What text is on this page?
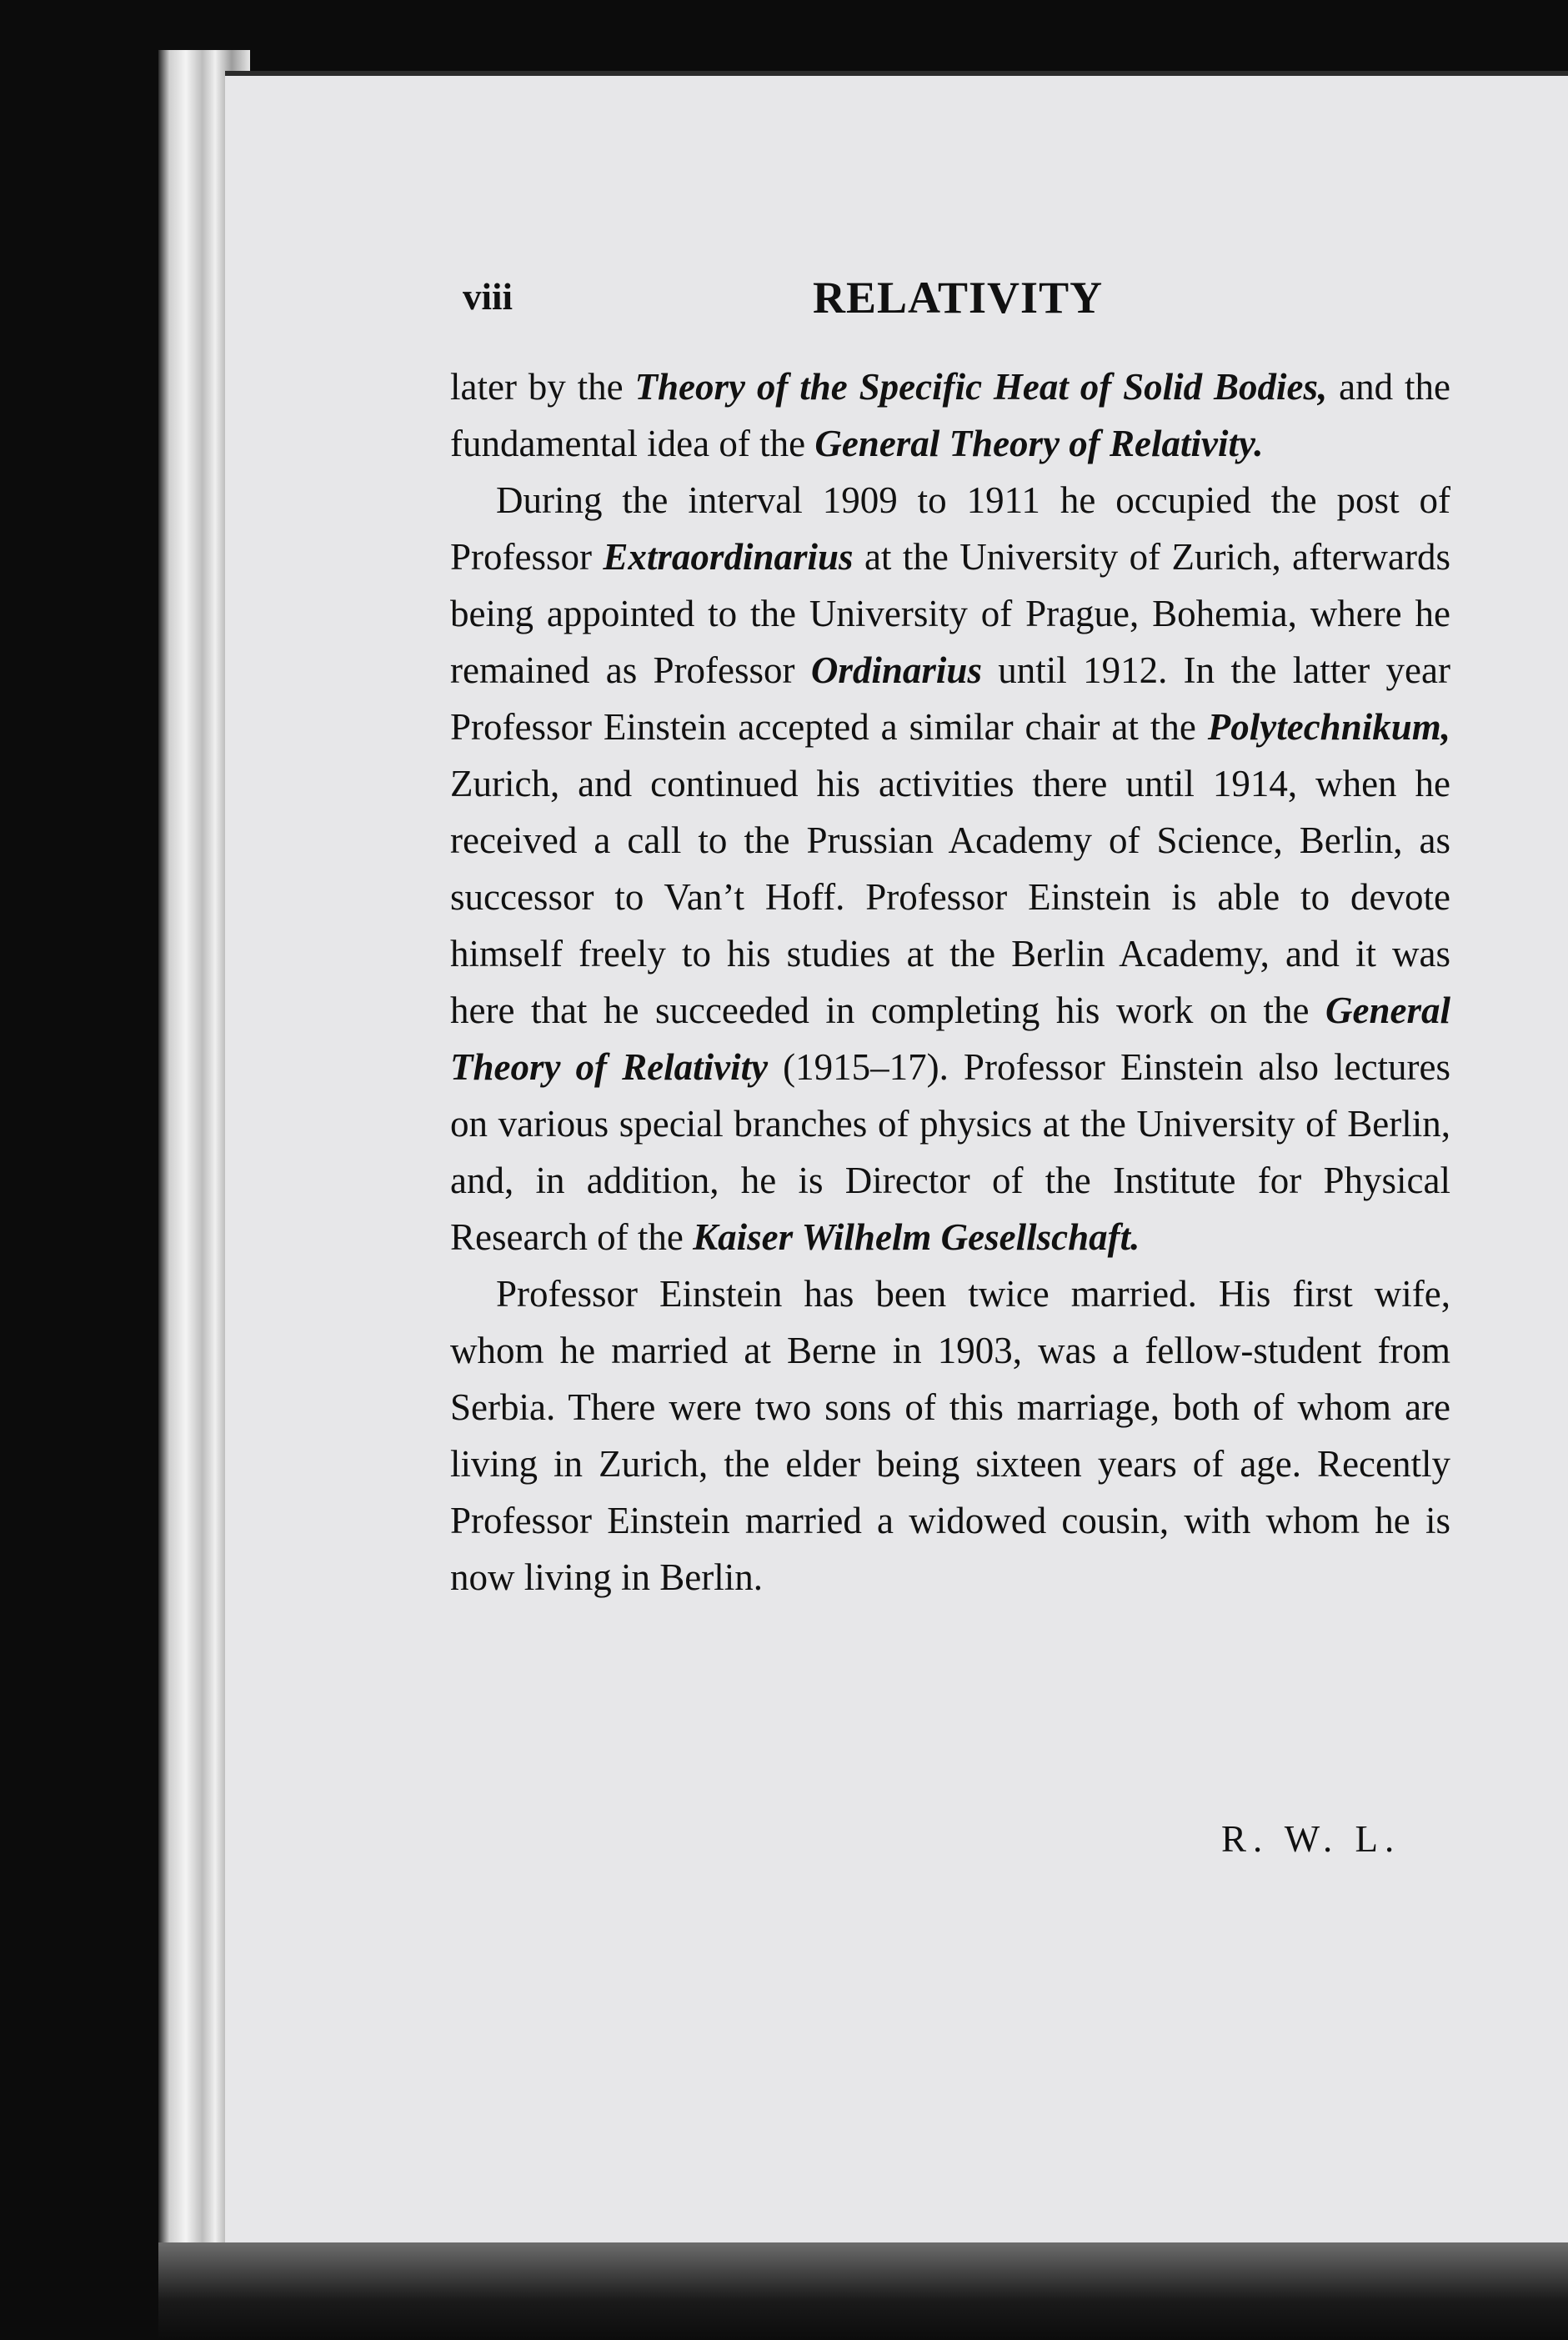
viii	RELATIVITY

later by the Theory of the Specific Heat of Solid Bodies, and the fundamental idea of the General Theory of Relativity.

During the interval 1909 to 1911 he occupied the post of Professor Extraordinarius at the University of Zurich, afterwards being appointed to the University of Prague, Bohemia, where he remained as Professor Ordinarius until 1912. In the latter year Professor Einstein accepted a similar chair at the Polytechnikum, Zurich, and continued his activities there until 1914, when he received a call to the Prussian Academy of Science, Berlin, as successor to Van’t Hoff. Professor Einstein is able to devote himself freely to his studies at the Berlin Academy, and it was here that he succeeded in completing his work on the General Theory of Relativity (1915–17). Professor Einstein also lectures on various special branches of physics at the University of Berlin, and, in addition, he is Director of the Institute for Physical Research of the Kaiser Wilhelm Gesellschaft.

Professor Einstein has been twice married. His first wife, whom he married at Berne in 1903, was a fellow-student from Serbia. There were two sons of this marriage, both of whom are living in Zurich, the elder being sixteen years of age. Recently Professor Einstein married a widowed cousin, with whom he is now living in Berlin.

R. W. L.
